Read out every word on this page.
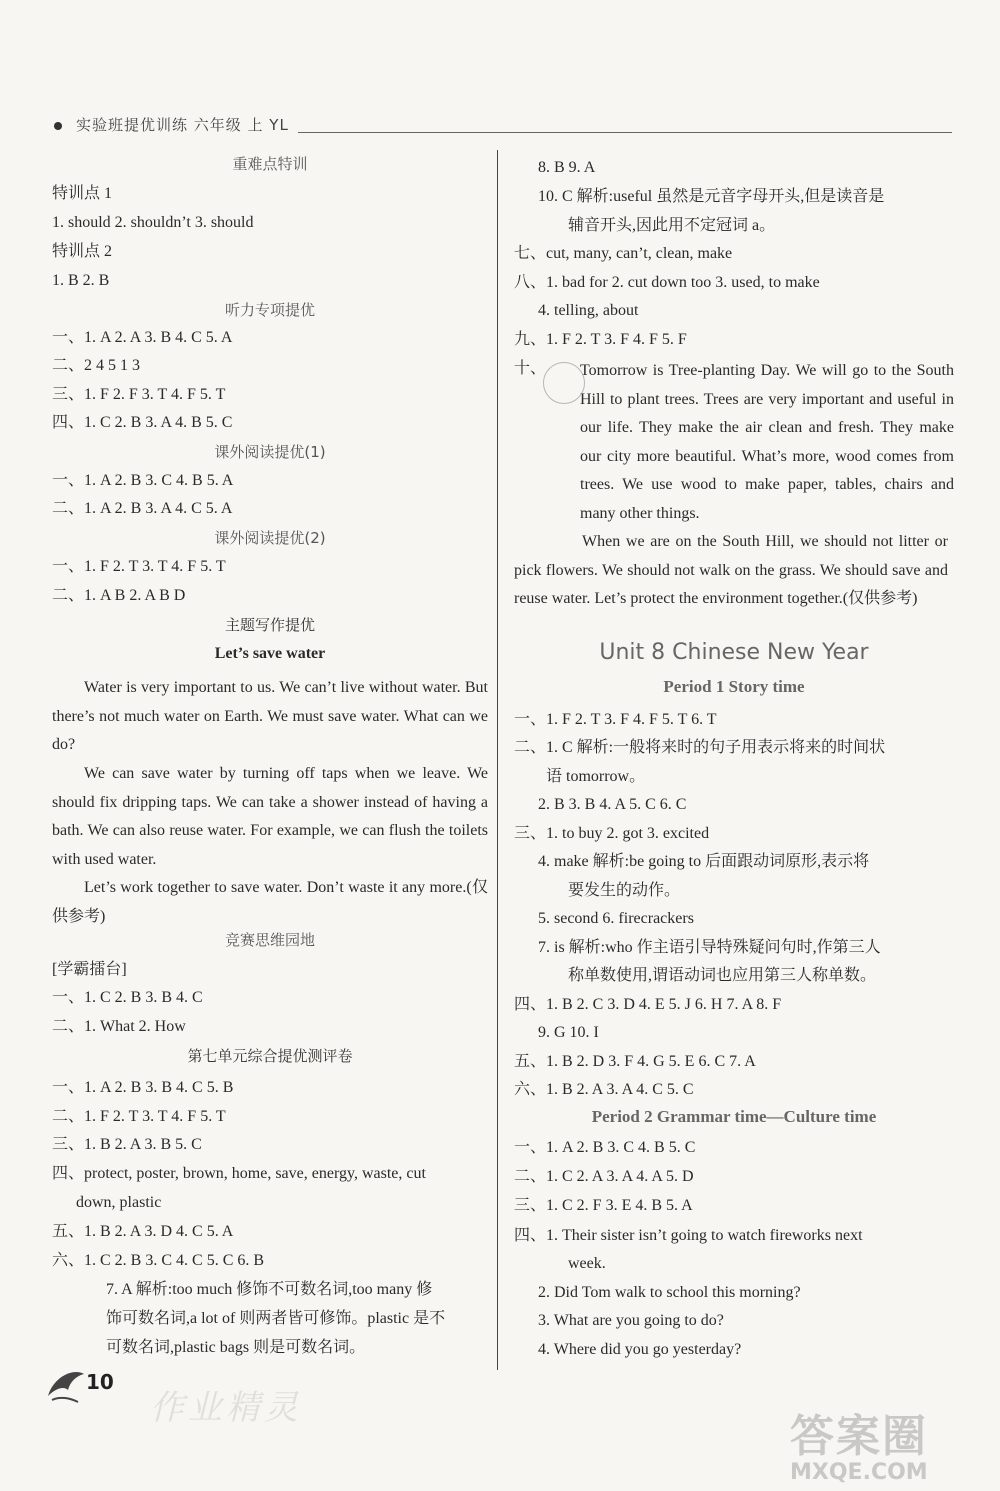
实验班提优训练 六年级 上 YL
Water is very important to us. We can’t live without water. But there’s not much water on Earth. We must save water. What can we do?
We can save water by turning off taps when we leave. We should fix dripping taps. We can take a shower instead of having a bath. We can also reuse water. For example, we can flush the toilets with used water.
Let’s work together to save water. Don’t waste it any more.(仅供参考)
重难点特训
特训点 1
1. should 2. shouldn’t 3. should
特训点 2
1. B 2. B
听力专项提优
一、1. A 2. A 3. B 4. C 5. A
二、2 4 5 1 3
三、1. F 2. F 3. T 4. F 5. T
四、1. C 2. B 3. A 4. B 5. C
课外阅读提优(1)
一、1. A 2. B 3. C 4. B 5. A
二、1. A 2. B 3. A 4. C 5. A
课外阅读提优(2)
一、1. F 2. T 3. T 4. F 5. T
二、1. A B 2. A B D
主题写作提优
Let’s save water
竞赛思维园地
[学霸擂台]
一、1. C 2. B 3. B 4. C
二、1. What 2. How
第七单元综合提优测评卷
一、1. A 2. B 3. B 4. C 5. B
二、1. F 2. T 3. T 4. F 5. T
三、1. B 2. A 3. B 5. C
四、protect, poster, brown, home, save, energy, waste, cut
down, plastic
五、1. B 2. A 3. D 4. C 5. A
六、1. C 2. B 3. C 4. C 5. C 6. B
7. A 解析:too much 修饰不可数名词,too many 修
饰可数名词,a lot of 则两者皆可修饰。plastic 是不
可数名词,plastic bags 则是可数名词。
Tomorrow is Tree-planting Day. We will go to the South Hill to plant trees. Trees are very important and useful in our life. They make the air clean and fresh. They make our city more beautiful. What’s more, wood comes from trees. We use wood to make paper, tables, chairs and many other things.
When we are on the South Hill, we should not litter or pick flowers. We should not walk on the grass. We should save and reuse water. Let’s protect the environment together.(仅供参考)
Unit 8 Chinese New Year
Period 1 Story time
Period 2 Grammar time—Culture time
8. B 9. A
10. C 解析:useful 虽然是元音字母开头,但是读音是
辅音开头,因此用不定冠词 a。
七、cut, many, can’t, clean, make
八、1. bad for 2. cut down too 3. used, to make
4. telling, about
九、1. F 2. T 3. F 4. F 5. F
十、
一、1. F 2. T 3. F 4. F 5. T 6. T
二、1. C 解析:一般将来时的句子用表示将来的时间状
语 tomorrow。
2. B 3. B 4. A 5. C 6. C
三、1. to buy 2. got 3. excited
4. make 解析:be going to 后面跟动词原形,表示将
要发生的动作。
5. second 6. firecrackers
7. is 解析:who 作主语引导特殊疑问句时,作第三人
称单数使用,谓语动词也应用第三人称单数。
四、1. B 2. C 3. D 4. E 5. J 6. H 7. A 8. F
9. G 10. I
五、1. B 2. D 3. F 4. G 5. E 6. C 7. A
六、1. B 2. A 3. A 4. C 5. C
一、1. A 2. B 3. C 4. B 5. C
二、1. C 2. A 3. A 4. A 5. D
三、1. C 2. F 3. E 4. B 5. A
四、1. Their sister isn’t going to watch fireworks next
week.
2. Did Tom walk to school this morning?
3. What are you going to do?
4. Where did you go yesterday?
10
作业精灵
答案圈
MXQE.COM
